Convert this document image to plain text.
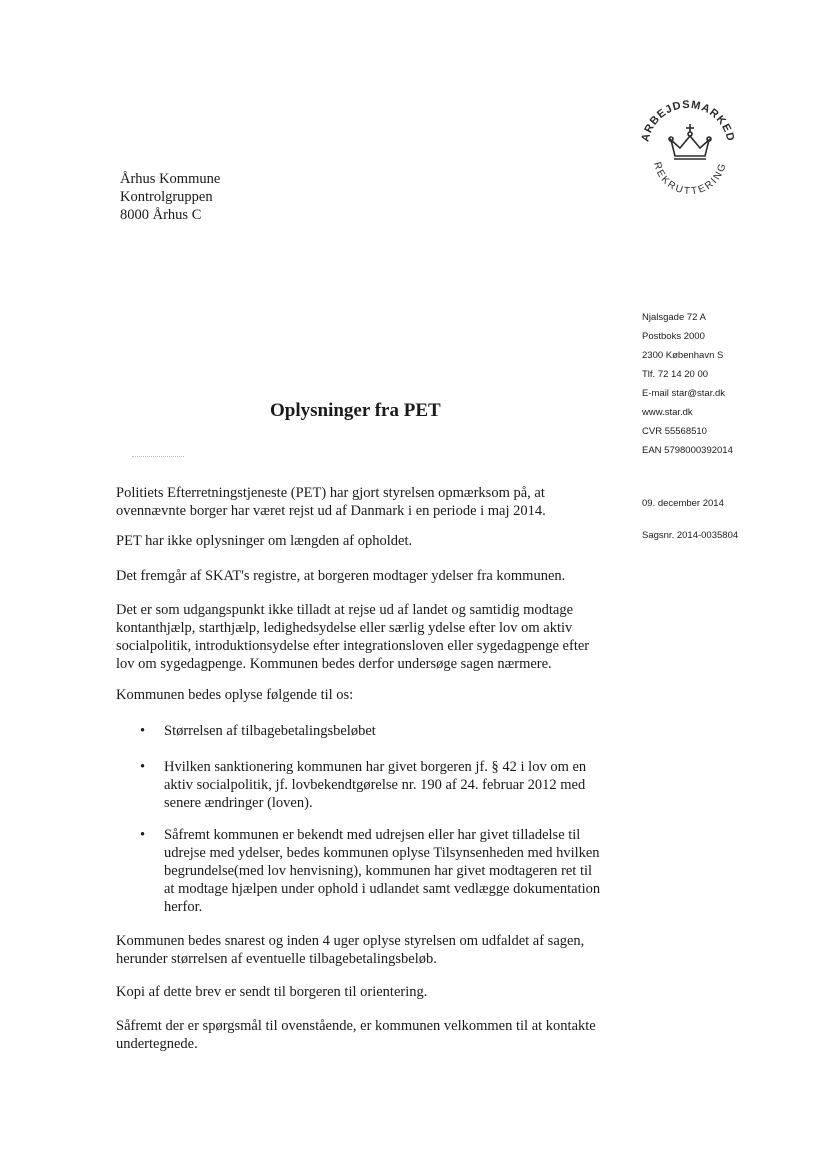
ARBEJDSMARKED
REKRUTTERING
Århus Kommune
Kontrolgruppen
8000 Århus C
Njalsgade 72 A
Postboks 2000
2300 København S
Tlf. 72 14 20 00
E-mail star@star.dk
www.star.dk
CVR 55568510
EAN 5798000392014
09. december 2014
Sagsnr. 2014-0035804
Oplysninger fra PET
Politiets Efterretningstjeneste (PET) har gjort styrelsen opmærksom på, at
ovennævnte borger har været rejst ud af Danmark i en periode i maj 2014.
PET har ikke oplysninger om længden af opholdet.
Det fremgår af SKAT's registre, at borgeren modtager ydelser fra kommunen.
Det er som udgangspunkt ikke tilladt at rejse ud af landet og samtidig modtage
kontanthjælp, starthjælp, ledighedsydelse eller særlig ydelse efter lov om aktiv
socialpolitik, introduktionsydelse efter integrationsloven eller sygedagpenge efter
lov om sygedagpenge. Kommunen bedes derfor undersøge sagen nærmere.
Kommunen bedes oplyse følgende til os:
•	Størrelsen af tilbagebetalingsbeløbet
•	Hvilken sanktionering kommunen har givet borgeren jf. § 42 i lov om en
aktiv socialpolitik, jf. lovbekendtgørelse nr. 190 af 24. februar 2012 med
senere ændringer (loven).
•	Såfremt kommunen er bekendt med udrejsen eller har givet tilladelse til
udrejse med ydelser, bedes kommunen oplyse Tilsynsenheden med hvilken
begrundelse(med lov henvisning), kommunen har givet modtageren ret til
at modtage hjælpen under ophold i udlandet samt vedlægge dokumentation
herfor.
Kommunen bedes snarest og inden 4 uger oplyse styrelsen om udfaldet af sagen,
herunder størrelsen af eventuelle tilbagebetalingsbeløb.
Kopi af dette brev er sendt til borgeren til orientering.
Såfremt der er spørgsmål til ovenstående, er kommunen velkommen til at kontakte
undertegnede.
